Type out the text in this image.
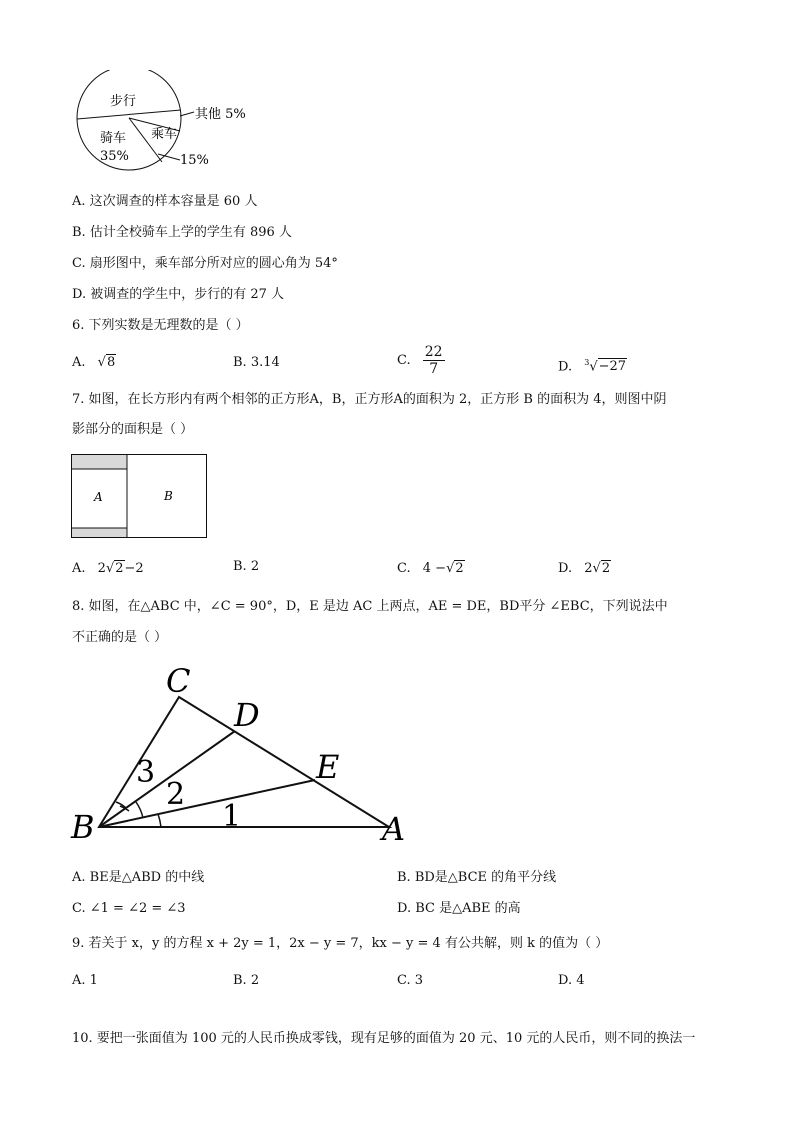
步行
骑车
35%
乘车
15%
其他 5%
A. 这次调查的样本容量是 60 人
B. 估计全校骑车上学的学生有 896 人
C. 扇形图中，乘车部分所对应的圆心角为 54°
D. 被调查的学生中，步行的有 27 人
6. 下列实数是无理数的是（ ）
A. √8	B. 3.14	C. $\frac{22}{7}$	D. $^3$√−27
7. 如图，在长方形内有两个相邻的正方形A，B，正方形A的面积为 2，正方形 B 的面积为 4，则图中阴
影部分的面积是（ ）
A	B
A. 2√2−2	B. 2	C. 4 −√2	D. 2√2
8. 如图，在△ABC 中，∠C = 90°，D，E 是边 AC 上两点，AE = DE，BD平分 ∠EBC，下列说法中
不正确的是（ ）
C
D
E
B	A
1
2
3
A. BE是△ABD 的中线	B. BD是△BCE 的角平分线
C. ∠1 = ∠2 = ∠3	D. BC 是△ABE 的高
9. 若关于 x，y 的方程 x + 2y = 1，2x − y = 7，kx − y = 4 有公共解，则 k 的值为（ ）
A. 1	B. 2	C. 3	D. 4
10. 要把一张面值为 100 元的人民币换成零钱，现有足够的面值为 20 元、10 元的人民币，则不同的换法一
